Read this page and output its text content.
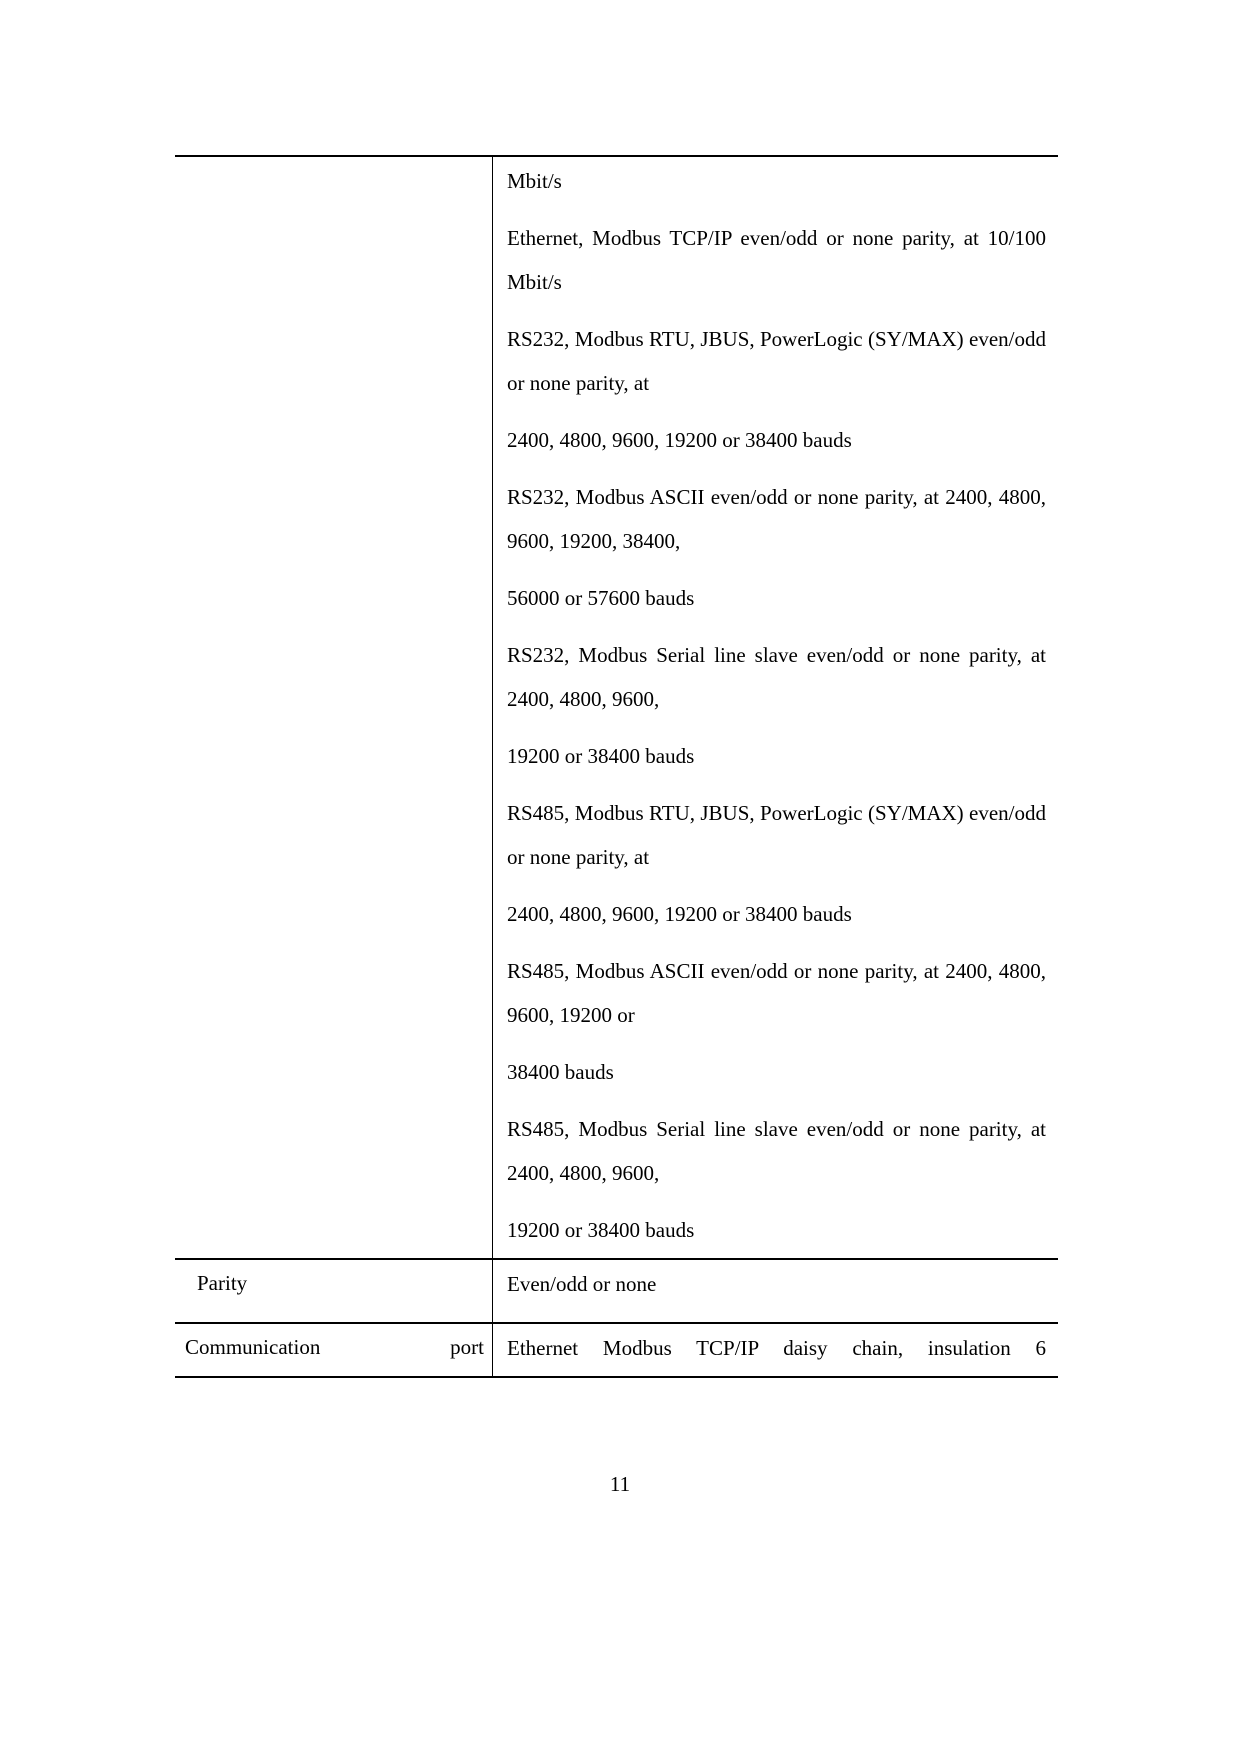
Mbit/s

Ethernet, Modbus TCP/IP even/odd or none parity, at 10/100 Mbit/s

RS232, Modbus RTU, JBUS, PowerLogic (SY/MAX) even/odd or none parity, at

2400, 4800, 9600, 19200 or 38400 bauds

RS232, Modbus ASCII even/odd or none parity, at 2400, 4800, 9600, 19200, 38400,

56000 or 57600 bauds

RS232, Modbus Serial line slave even/odd or none parity, at 2400, 4800, 9600,

19200 or 38400 bauds

RS485, Modbus RTU, JBUS, PowerLogic (SY/MAX) even/odd or none parity, at

2400, 4800, 9600, 19200 or 38400 bauds

RS485, Modbus ASCII even/odd or none parity, at 2400, 4800, 9600, 19200 or

38400 bauds

RS485, Modbus Serial line slave even/odd or none parity, at 2400, 4800, 9600,

19200 or 38400 bauds

Parity	Even/odd or none

Communication port	Ethernet Modbus TCP/IP daisy chain, insulation 6

11
